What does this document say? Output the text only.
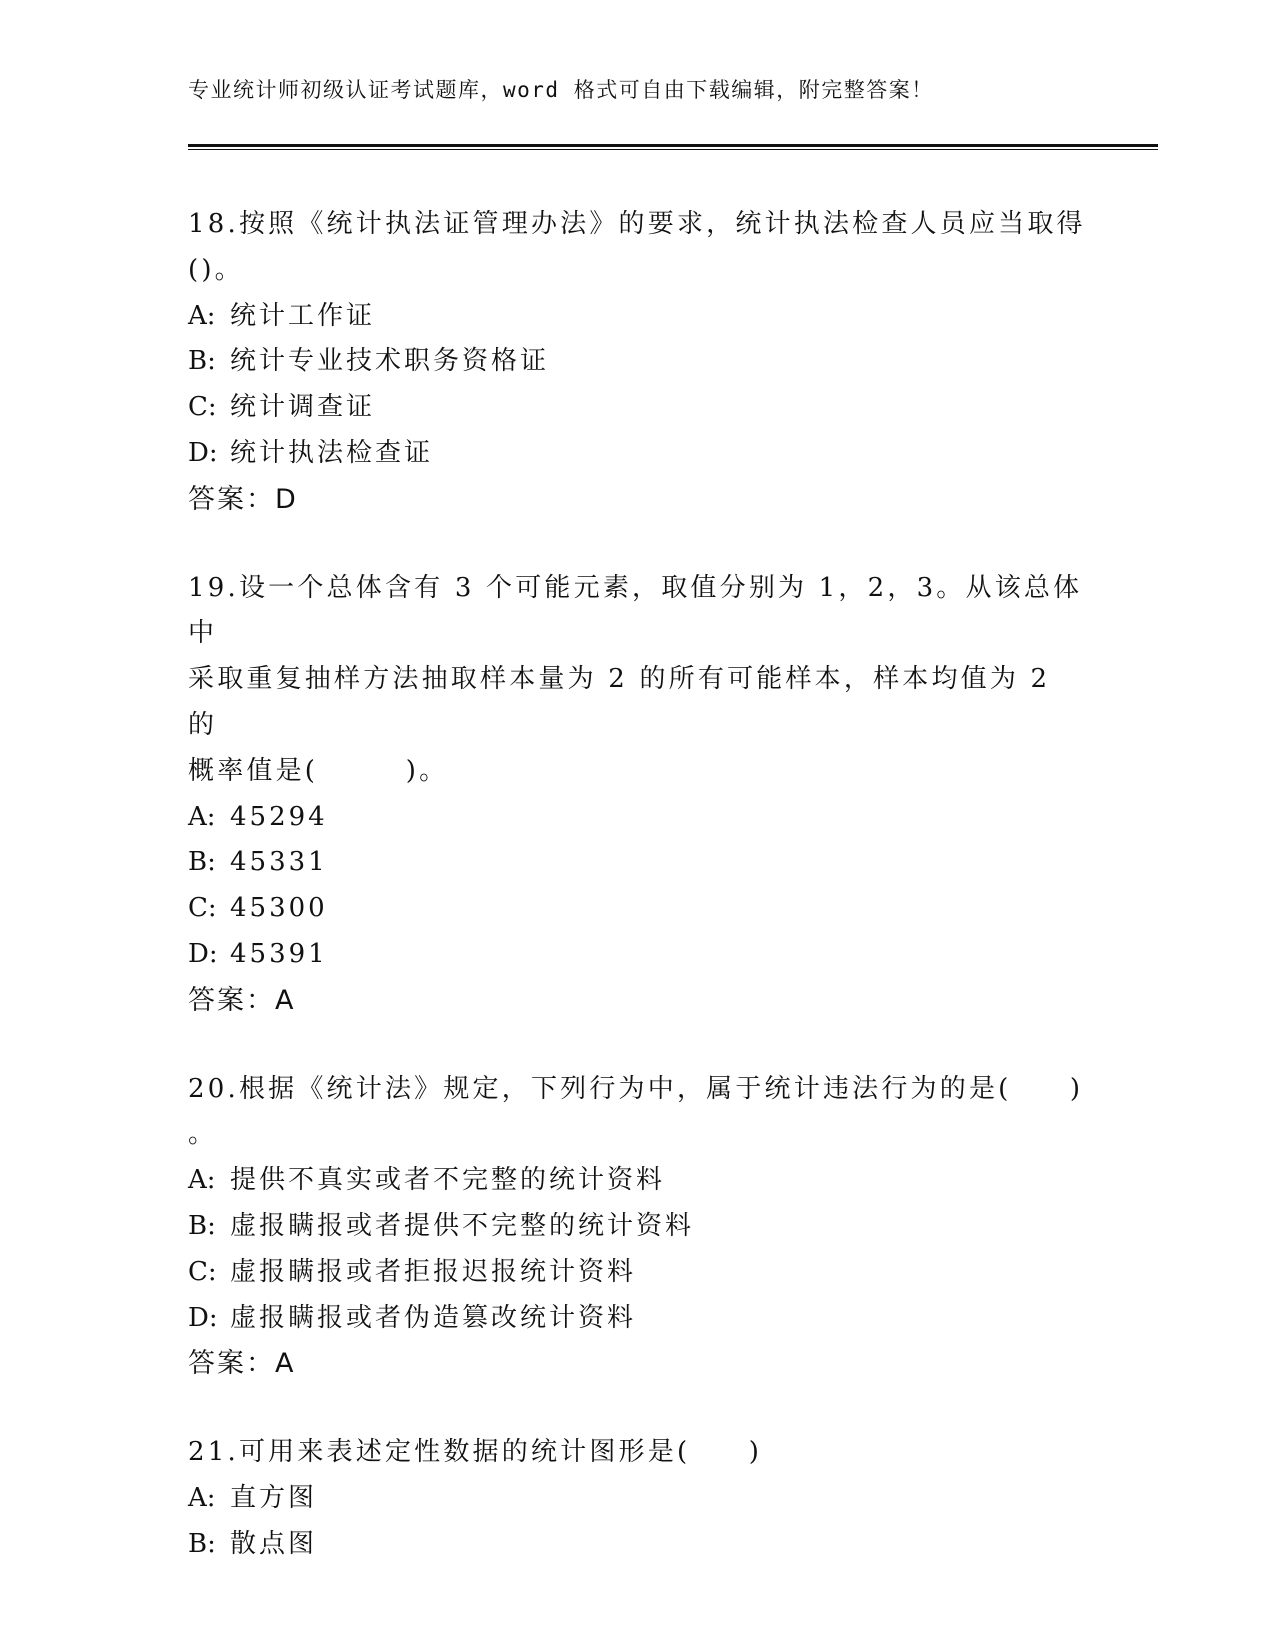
专业统计师初级认证考试题库，word 格式可自由下载编辑，附完整答案！
18.按照《统计执法证管理办法》的要求，统计执法检查人员应当取得
()。
A: 统计工作证
B: 统计专业技术职务资格证
C: 统计调查证
D: 统计执法检查证
答案：D
19.设一个总体含有 3 个可能元素，取值分别为 1，2，3。从该总体中
采取重复抽样方法抽取样本量为 2 的所有可能样本，样本均值为 2 的
概率值是(　　　)。
A: 45294
B: 45331
C: 45300
D: 45391
答案：A
20.根据《统计法》规定，下列行为中，属于统计违法行为的是(　　)
。
A: 提供不真实或者不完整的统计资料
B: 虚报瞒报或者提供不完整的统计资料
C: 虚报瞒报或者拒报迟报统计资料
D: 虚报瞒报或者伪造篡改统计资料
答案：A
21.可用来表述定性数据的统计图形是(　　)
A: 直方图
B: 散点图
